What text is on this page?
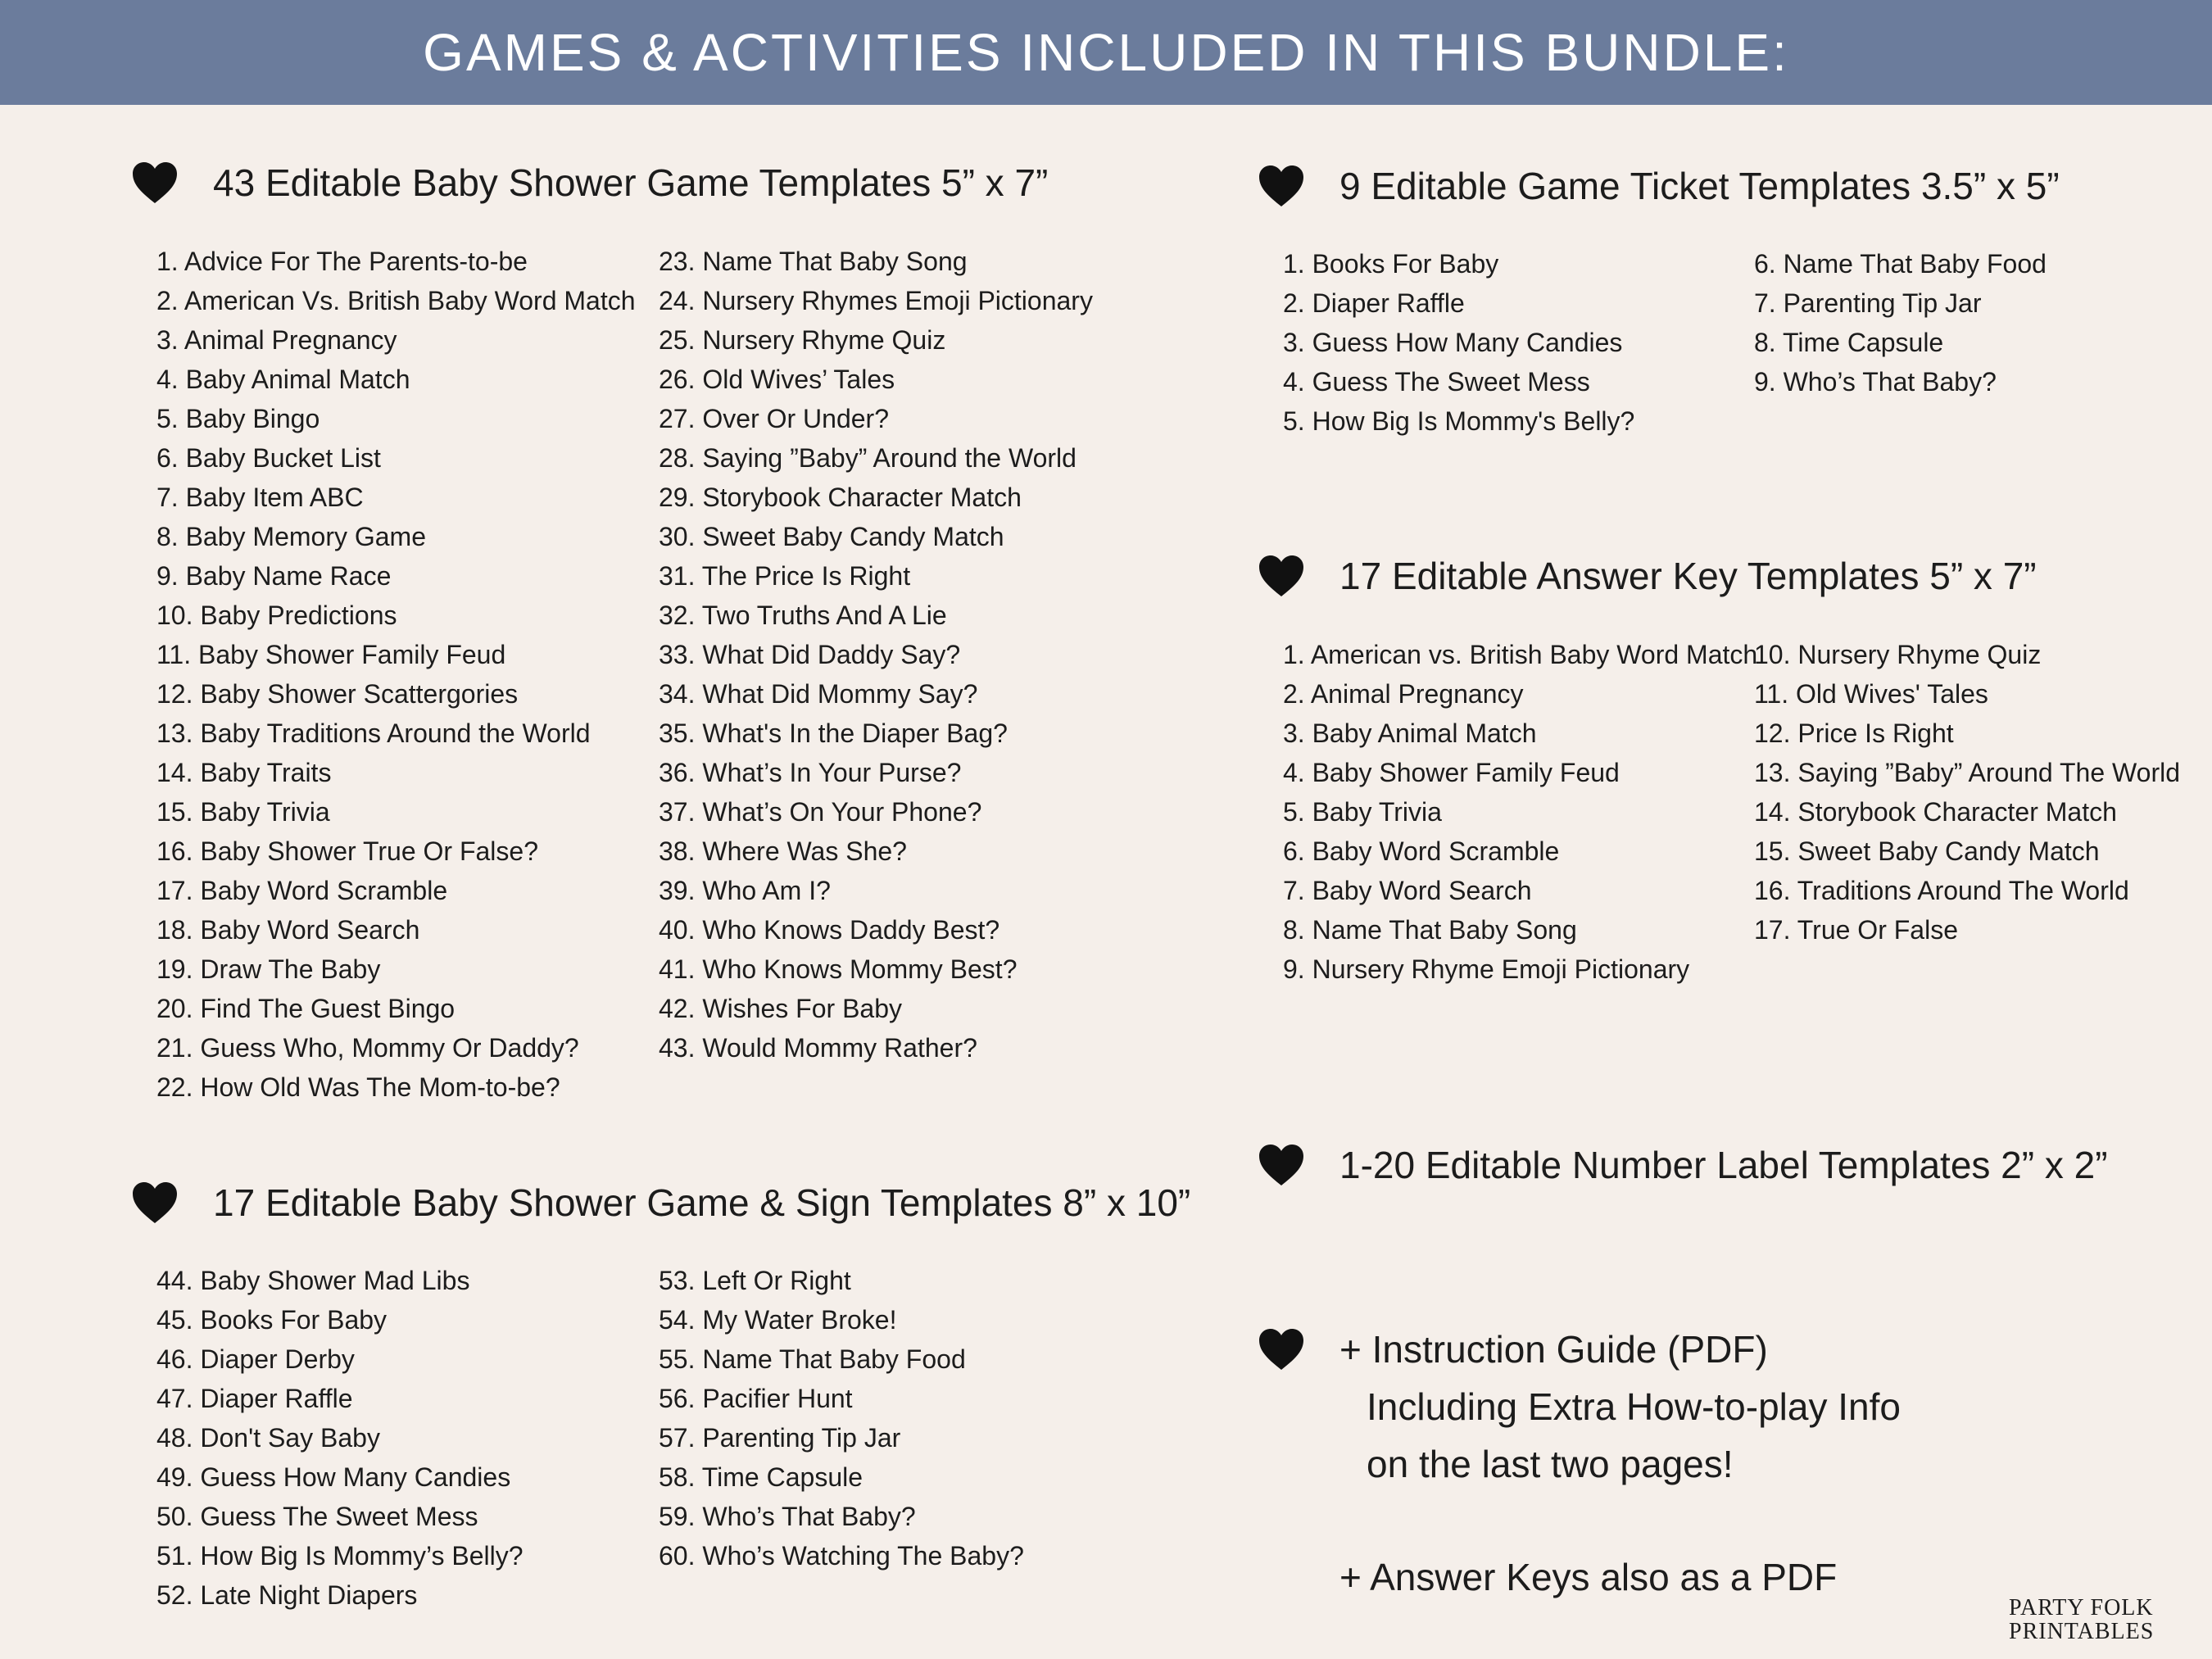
GAMES & ACTIVITIES INCLUDED IN THIS BUNDLE:
43 Editable Baby Shower Game Templates 5” x 7”
1. Advice For The Parents-to-be
2. American Vs. British Baby Word Match
3. Animal Pregnancy
4. Baby Animal Match
5. Baby Bingo
6. Baby Bucket List
7. Baby Item ABC
8. Baby Memory Game
9. Baby Name Race
10. Baby Predictions
11. Baby Shower Family Feud
12. Baby Shower Scattergories
13. Baby Traditions Around the World
14. Baby Traits
15. Baby Trivia
16. Baby Shower True Or False?
17. Baby Word Scramble
18. Baby Word Search
19. Draw The Baby
20. Find The Guest Bingo
21. Guess Who, Mommy Or Daddy?
22. How Old Was The Mom-to-be?
23. Name That Baby Song
24. Nursery Rhymes Emoji Pictionary
25. Nursery Rhyme Quiz
26. Old Wives’ Tales
27. Over Or Under?
28. Saying ”Baby” Around the World
29. Storybook Character Match
30. Sweet Baby Candy Match
31. The Price Is Right
32. Two Truths And A Lie
33. What Did Daddy Say?
34. What Did Mommy Say?
35. What's In the Diaper Bag?
36. What’s In Your Purse?
37. What’s On Your Phone?
38. Where Was She?
39. Who Am I?
40. Who Knows Daddy Best?
41. Who Knows Mommy Best?
42. Wishes For Baby
43. Would Mommy Rather?
17 Editable Baby Shower Game & Sign Templates 8” x 10”
44. Baby Shower Mad Libs
45. Books For Baby
46. Diaper Derby
47. Diaper Raffle
48. Don't Say Baby
49. Guess How Many Candies
50. Guess The Sweet Mess
51. How Big Is Mommy’s Belly?
52. Late Night Diapers
53. Left Or Right
54. My Water Broke!
55. Name That Baby Food
56. Pacifier Hunt
57. Parenting Tip Jar
58. Time Capsule
59. Who’s That Baby?
60. Who’s Watching The Baby?
9 Editable Game Ticket Templates 3.5” x 5”
1. Books For Baby
2. Diaper Raffle
3. Guess How Many Candies
4. Guess The Sweet Mess
5. How Big Is Mommy's Belly?
6. Name That Baby Food
7. Parenting Tip Jar
8. Time Capsule
9. Who’s That Baby?
17 Editable Answer Key Templates 5” x 7”
1. American vs. British Baby Word Match
2. Animal Pregnancy
3. Baby Animal Match
4. Baby Shower Family Feud
5. Baby Trivia
6. Baby Word Scramble
7. Baby Word Search
8. Name That Baby Song
9. Nursery Rhyme Emoji Pictionary
10. Nursery Rhyme Quiz
11. Old Wives' Tales
12. Price Is Right
13. Saying ”Baby” Around The World
14. Storybook Character Match
15. Sweet Baby Candy Match
16. Traditions Around The World
17. True Or False
1-20 Editable Number Label Templates 2” x 2”
+ Instruction Guide (PDF)

Including Extra How-to-play Info

on the last two pages!

+ Answer Keys also as a PDF

PARTY FOLK
PRINTABLES
